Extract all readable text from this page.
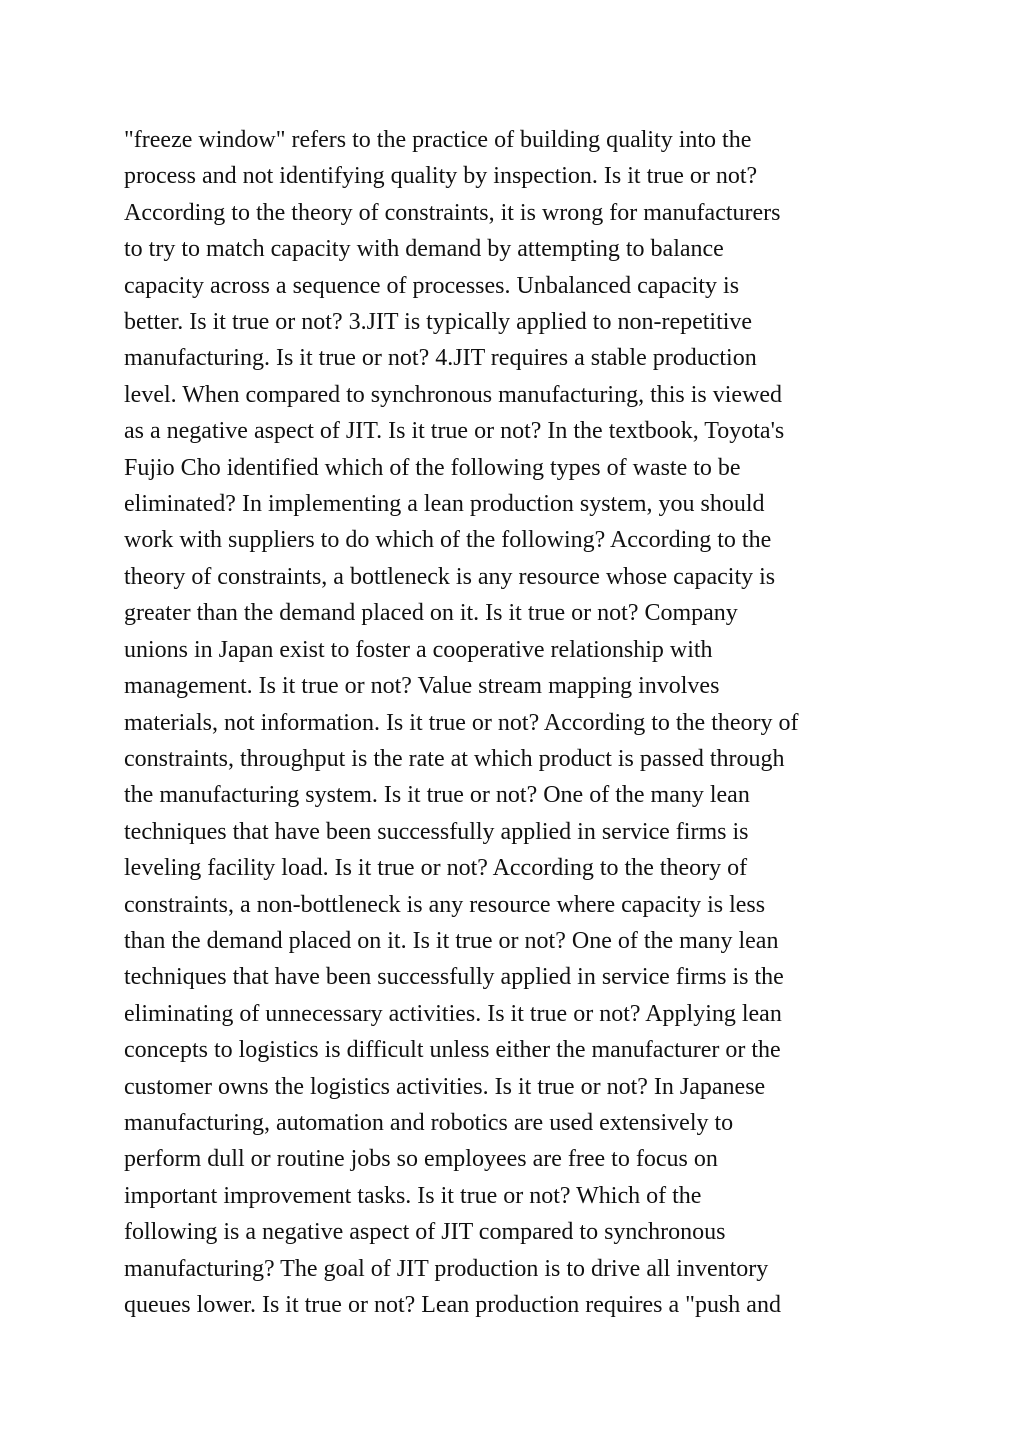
"freeze window" refers to the practice of building quality into the
process and not identifying quality by inspection. Is it true or not?
According to the theory of constraints, it is wrong for manufacturers
to try to match capacity with demand by attempting to balance
capacity across a sequence of processes. Unbalanced capacity is
better. Is it true or not? 3.JIT is typically applied to non-repetitive
manufacturing. Is it true or not? 4.JIT requires a stable production
level. When compared to synchronous manufacturing, this is viewed
as a negative aspect of JIT. Is it true or not? In the textbook, Toyota's
Fujio Cho identified which of the following types of waste to be
eliminated? In implementing a lean production system, you should
work with suppliers to do which of the following? According to the
theory of constraints, a bottleneck is any resource whose capacity is
greater than the demand placed on it. Is it true or not? Company
unions in Japan exist to foster a cooperative relationship with
management. Is it true or not? Value stream mapping involves
materials, not information. Is it true or not? According to the theory of
constraints, throughput is the rate at which product is passed through
the manufacturing system. Is it true or not? One of the many lean
techniques that have been successfully applied in service firms is
leveling facility load. Is it true or not? According to the theory of
constraints, a non-bottleneck is any resource where capacity is less
than the demand placed on it. Is it true or not? One of the many lean
techniques that have been successfully applied in service firms is the
eliminating of unnecessary activities. Is it true or not? Applying lean
concepts to logistics is difficult unless either the manufacturer or the
customer owns the logistics activities. Is it true or not? In Japanese
manufacturing, automation and robotics are used extensively to
perform dull or routine jobs so employees are free to focus on
important improvement tasks. Is it true or not? Which of the
following is a negative aspect of JIT compared to synchronous
manufacturing? The goal of JIT production is to drive all inventory
queues lower. Is it true or not? Lean production requires a "push and
